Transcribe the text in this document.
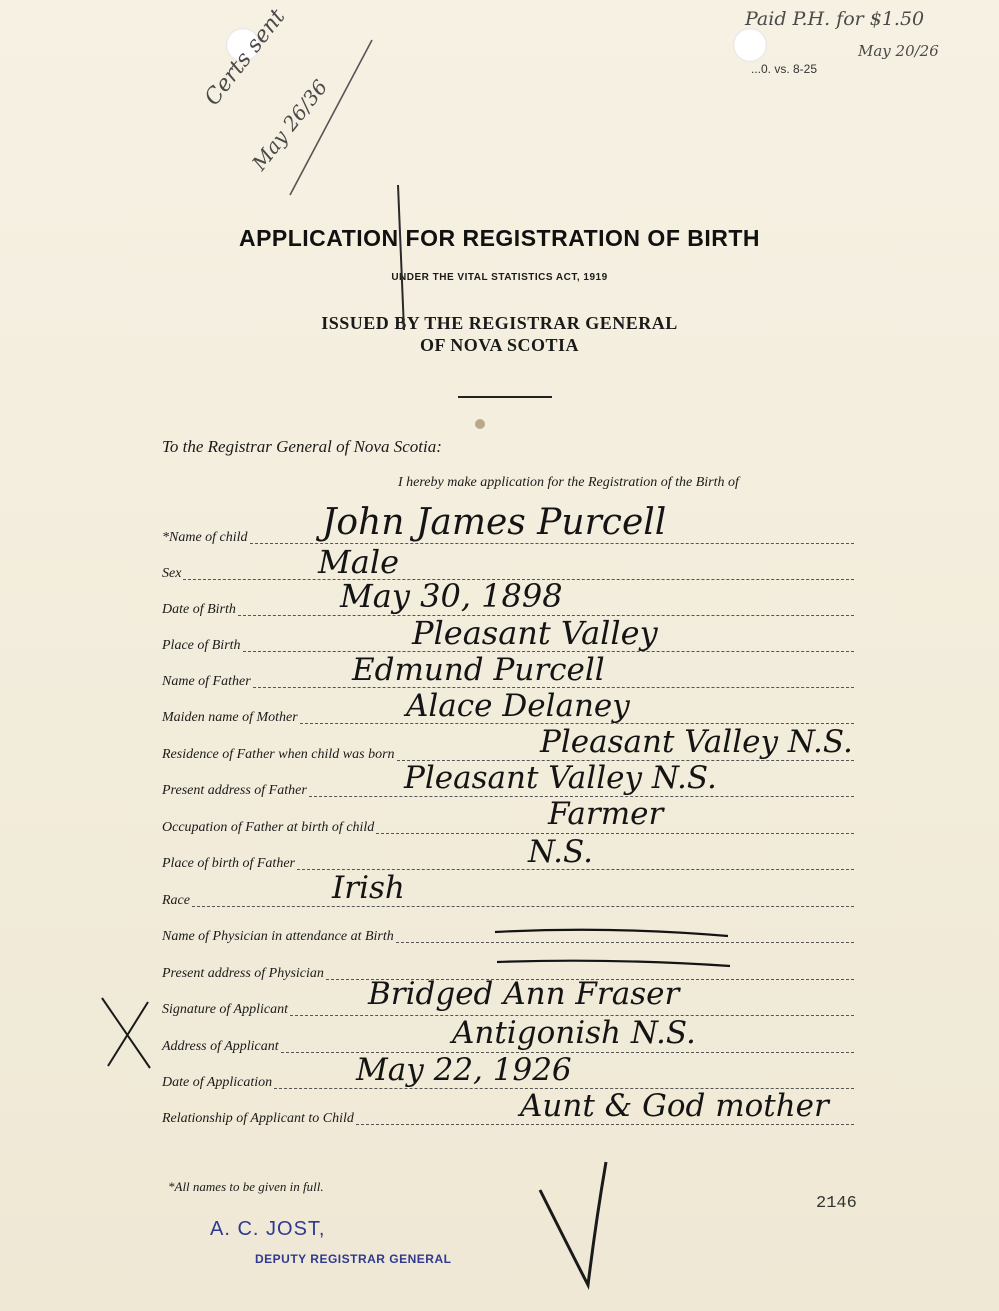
Paid P.H. for $1.50
May 20/26
Certs sent
May 26/36
...0. vs. 8-25
APPLICATION FOR REGISTRATION OF BIRTH
UNDER THE VITAL STATISTICS ACT, 1919
ISSUED BY THE REGISTRAR GENERAL
OF NOVA SCOTIA
To the Registrar General of Nova Scotia:
I hereby make application for the Registration of the Birth of
*Name of child
Sex
Date of Birth
Place of Birth
Name of Father
Maiden name of Mother
Residence of Father when child was born
Present address of Father
Occupation of Father at birth of child
Place of birth of Father
Race
Name of Physician in attendance at Birth
Present address of Physician
Signature of Applicant
Address of Applicant
Date of Application
Relationship of Applicant to Child
John James Purcell
Male
May 30, 1898
Pleasant Valley
Edmund Purcell
Alace Delaney
Pleasant Valley N.S.
Pleasant Valley N.S.
Farmer
N.S.
Irish
Bridged Ann Fraser
Antigonish N.S.
May 22, 1926
Aunt & God mother
*All names to be given in full.
2146
A. C. JOST,
DEPUTY REGISTRAR GENERAL
